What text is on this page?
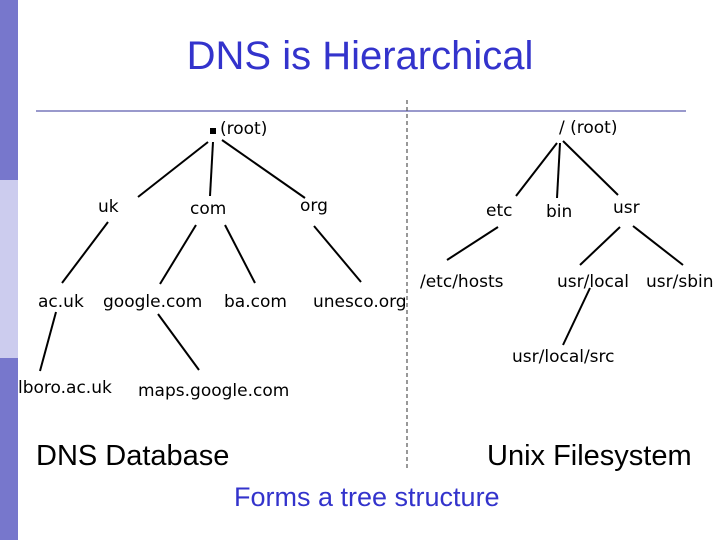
DNS is Hierarchical
(root)
uk	com	org
ac.uk google.com ba.com unesco.org
lboro.ac.uk maps.google.com
/ (root)
etc bin usr
/etc/hosts	usr/local usr/sbin
usr/local/src
DNS Database	Unix Filesystem
Forms a tree structure
